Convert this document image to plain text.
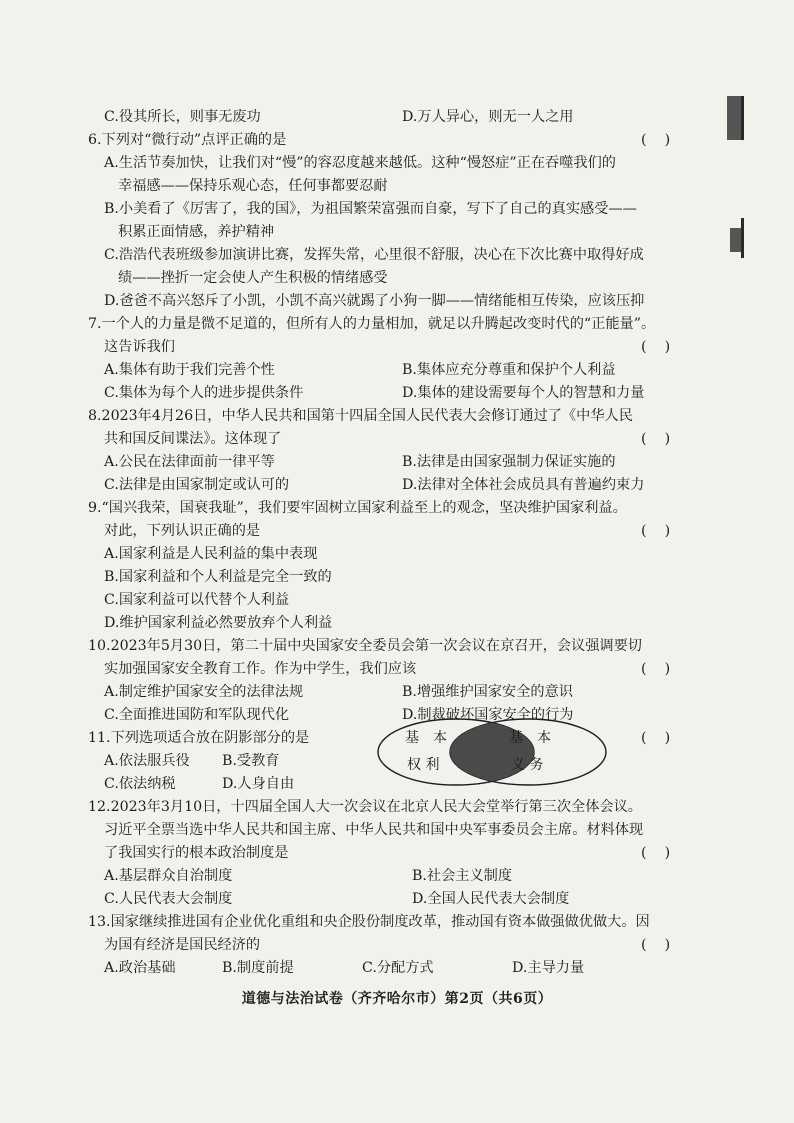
C.役其所长，则事无废功	D.万人异心，则无一人之用
6.下列对“微行动”点评正确的是	(    )
A.生活节奏加快，让我们对“慢”的容忍度越来越低。这种“慢怒症”正在吞噬我们的
幸福感——保持乐观心态，任何事都要忍耐
B.小美看了《厉害了，我的国》，为祖国繁荣富强而自豪，写下了自己的真实感受——
积累正面情感，养护精神
C.浩浩代表班级参加演讲比赛，发挥失常，心里很不舒服，决心在下次比赛中取得好成
绩——挫折一定会使人产生积极的情绪感受
D.爸爸不高兴怒斥了小凯，小凯不高兴就踢了小狗一脚——情绪能相互传染，应该压抑
7.一个人的力量是微不足道的，但所有人的力量相加，就足以升腾起改变时代的“正能量”。
这告诉我们	(    )
A.集体有助于我们完善个性	B.集体应充分尊重和保护个人利益
C.集体为每个人的进步提供条件	D.集体的建设需要每个人的智慧和力量
8.2023年4月26日，中华人民共和国第十四届全国人民代表大会修订通过了《中华人民
共和国反间谍法》。这体现了	(    )
A.公民在法律面前一律平等	B.法律是由国家强制力保证实施的
C.法律是由国家制定或认可的	D.法律对全体社会成员具有普遍约束力
9.“国兴我荣，国衰我耻”，我们要牢固树立国家利益至上的观念，坚决维护国家利益。
对此，下列认识正确的是	(    )
A.国家利益是人民利益的集中表现
B.国家利益和个人利益是完全一致的
C.国家利益可以代替个人利益
D.维护国家利益必然要放弃个人利益
10.2023年5月30日，第二十届中央国家安全委员会第一次会议在京召开，会议强调要切
实加强国家安全教育工作。作为中学生，我们应该	(    )
A.制定维护国家安全的法律法规	B.增强维护国家安全的意识
C.全面推进国防和军队现代化	D.制裁破坏国家安全的行为
11.下列选项适合放在阴影部分的是	(    )
A.依法服兵役 B.受教育
C.依法纳税	D.人身自由
基　本
权 利
基　本
义 务
12.2023年3月10日，十四届全国人大一次会议在北京人民大会堂举行第三次全体会议。
习近平全票当选中华人民共和国主席、中华人民共和国中央军事委员会主席。材料体现
了我国实行的根本政治制度是	(    )
A.基层群众自治制度	B.社会主义制度
C.人民代表大会制度	D.全国人民代表大会制度
13.国家继续推进国有企业优化重组和央企股份制度改革，推动国有资本做强做优做大。因
为国有经济是国民经济的	(    )
A.政治基础	B.制度前提	C.分配方式	D.主导力量
道德与法治试卷（齐齐哈尔市）第2页（共6页）
